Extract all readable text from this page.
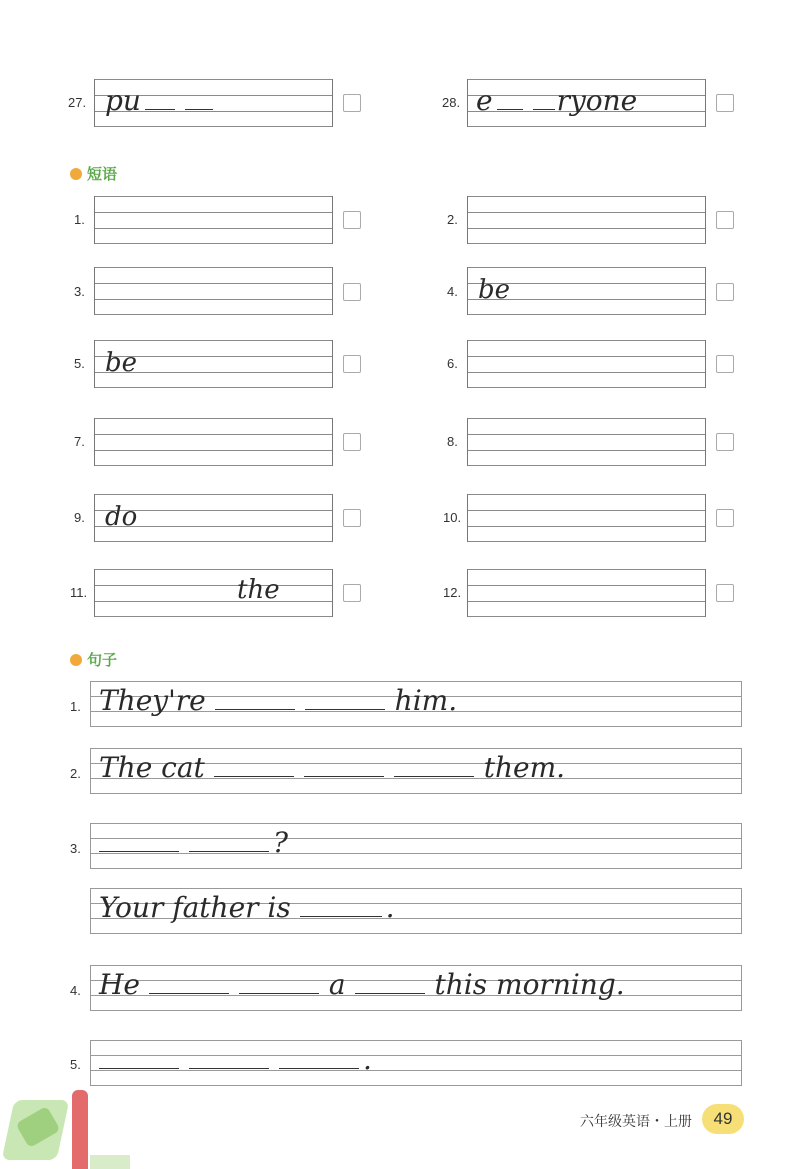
27. pu	28. e ryone
短语
1.	2.
3.	4. be
5. be	6.
7.	8.
9. do	10.
11.	the	12.
句子
1. They're	him.
2. The cat	them.
3.	?
Your father is	.
4. He	a	this morning.
5.	.
六年级英语・上册	49
